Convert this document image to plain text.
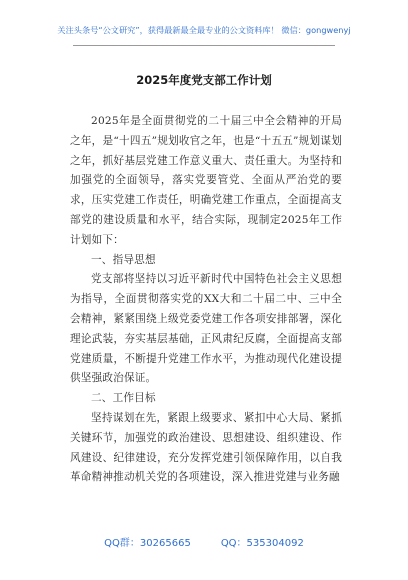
关注头条号“公文研究”，获得最新最全最专业的公文资料库！ 微信：gongwenyj
2025年度党支部工作计划

2025年是全面贯彻党的二十届三中全会精神的开局之年，是“十四五”规划收官之年，也是“十五五”规划谋划之年，抓好基层党建工作意义重大、责任重大。为坚持和加强党的全面领导，落实党要管党、全面从严治党的要求，压实党建工作责任，明确党建工作重点，全面提高支部党的建设质量和水平，结合实际，现制定2025年工作计划如下：

一、指导思想

党支部将坚持以习近平新时代中国特色社会主义思想为指导，全面贯彻落实党的XX大和二十届二中、三中全会精神，紧紧围绕上级党委党建工作各项安排部署，深化理论武装，夯实基层基础，正风肃纪反腐，全面提高支部党建质量，不断提升党建工作水平，为推动现代化建设提供坚强政治保证。

二、工作目标

坚持谋划在先，紧跟上级要求、紧扣中心大局、紧抓关键环节，加强党的政治建设、思想建设、组织建设、作风建设、纪律建设，充分发挥党建引领保障作用，以自我革命精神推动机关党的各项建设，深入推进党建与业务融

QQ群：30265665	QQ：535304092
